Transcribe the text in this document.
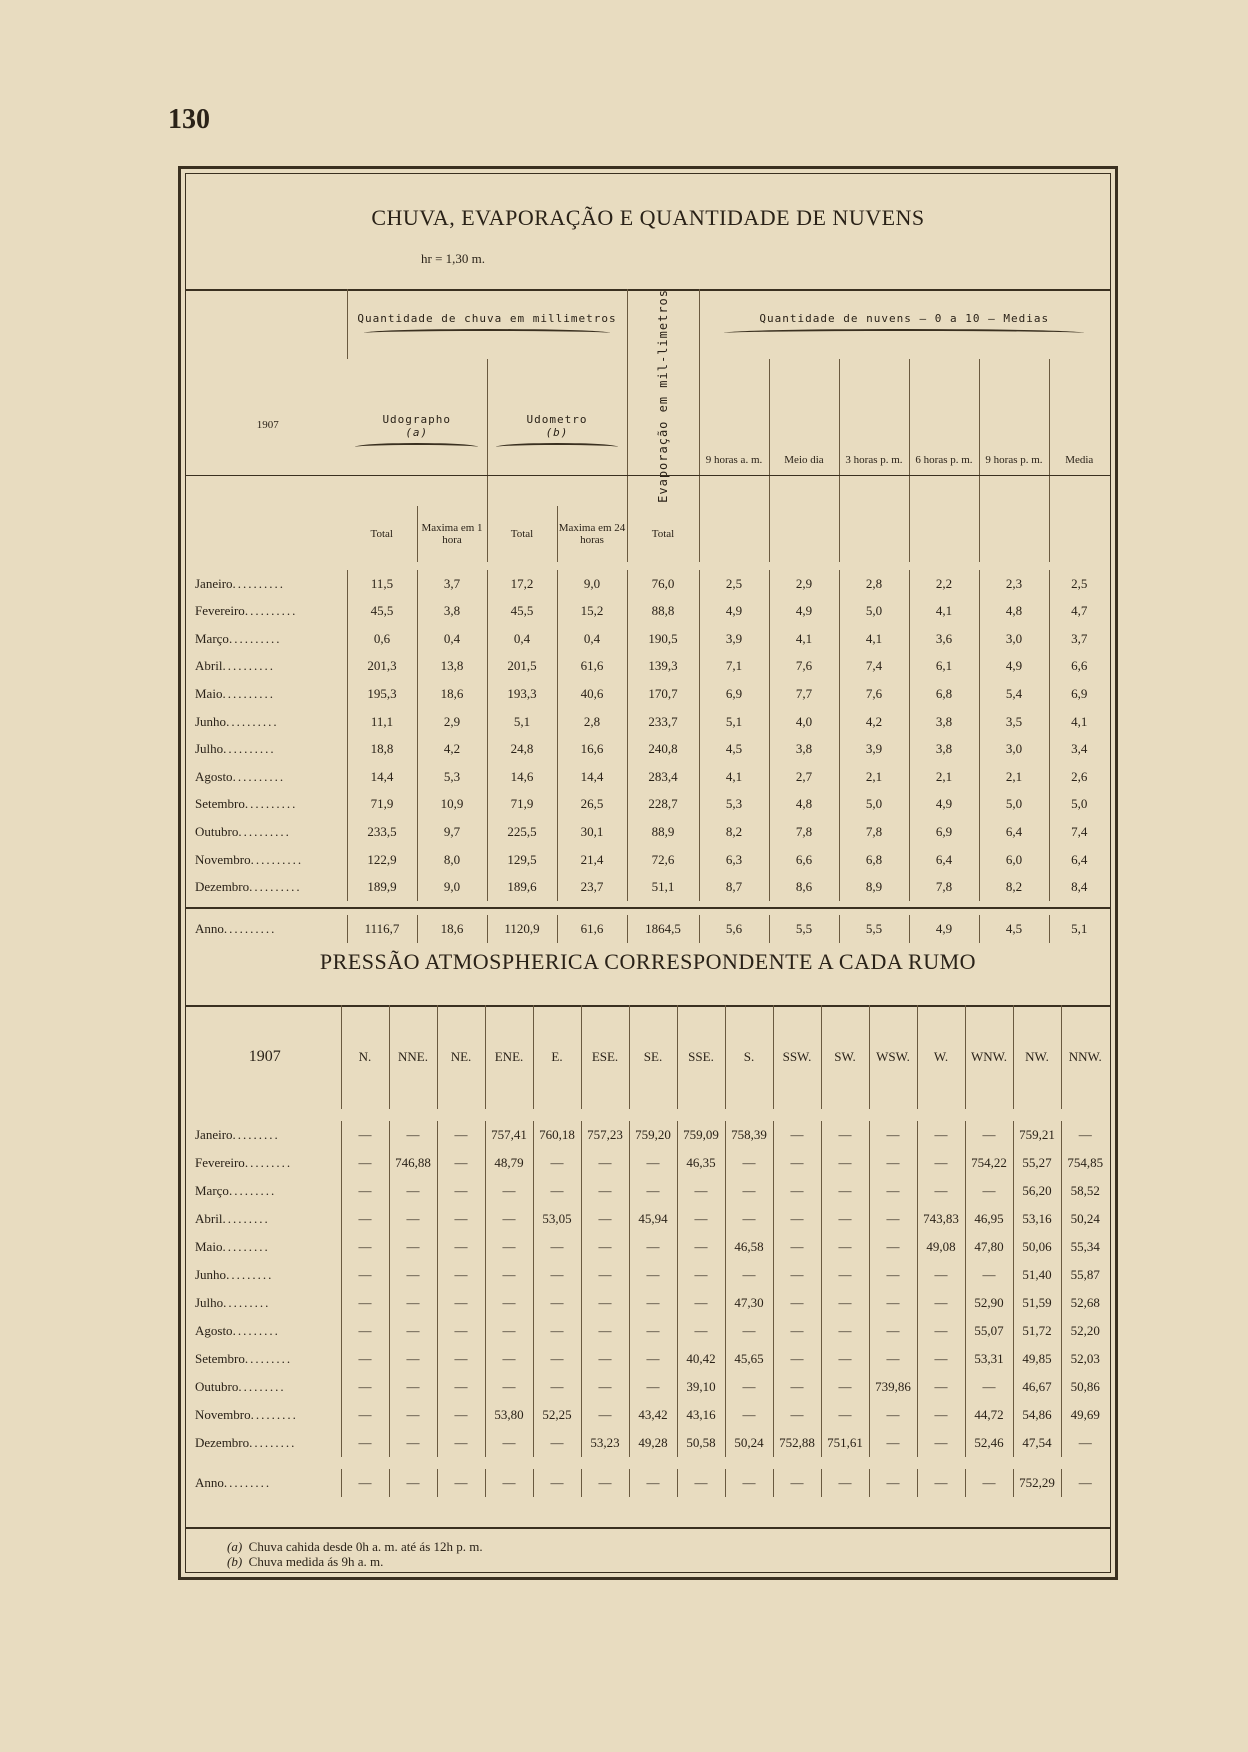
130
CHUVA, EVAPORAÇÃO E QUANTIDADE DE NUVENS
hr = 1,30 m.
1907	Quantidade de chuva em millimetros				Evaporação em mil-limetros	Quantidade de nuvens — 0 a 10 — Medias					

	Udographo
(a)		Udometro
(b)			9 horas a. m.	Meio dia	3 horas p. m.	6 horas p. m.	9 horas p. m.	Media
	Total	Maxima em 1 hora	Total	Maxima em 24 horas	Total						

Janeiro..........	11,5	3,7	17,2	9,0	76,0	2,5	2,9	2,8	2,2	2,3	2,5
Fevereiro..........	45,5	3,8	45,5	15,2	88,8	4,9	4,9	5,0	4,1	4,8	4,7
Março..........	0,6	0,4	0,4	0,4	190,5	3,9	4,1	4,1	3,6	3,0	3,7
Abril..........	201,3	13,8	201,5	61,6	139,3	7,1	7,6	7,4	6,1	4,9	6,6
Maio..........	195,3	18,6	193,3	40,6	170,7	6,9	7,7	7,6	6,8	5,4	6,9
Junho..........	11,1	2,9	5,1	2,8	233,7	5,1	4,0	4,2	3,8	3,5	4,1
Julho..........	18,8	4,2	24,8	16,6	240,8	4,5	3,8	3,9	3,8	3,0	3,4
Agosto..........	14,4	5,3	14,6	14,4	283,4	4,1	2,7	2,1	2,1	2,1	2,6
Setembro..........	71,9	10,9	71,9	26,5	228,7	5,3	4,8	5,0	4,9	5,0	5,0
Outubro..........	233,5	9,7	225,5	30,1	88,9	8,2	7,8	7,8	6,9	6,4	7,4
Novembro..........	122,9	8,0	129,5	21,4	72,6	6,3	6,6	6,8	6,4	6,0	6,4
Dezembro..........	189,9	9,0	189,6	23,7	51,1	8,7	8,6	8,9	7,8	8,2	8,4

Anno..........	1116,7	18,6	1120,9	61,6	1864,5	5,6	5,5	5,5	4,9	4,5	5,1
PRESSÃO ATMOSPHERICA CORRESPONDENTE A CADA RUMO
1907	N.	NNE.	NE.	ENE.	E.	ESE.	SE.	SSE.	S.	SSW.	SW.	WSW.	W.	WNW.	NW.	NNW.

Janeiro.........	—	—	—	757,41	760,18	757,23	759,20	759,09	758,39	—	—	—	—	—	759,21	—
Fevereiro.........	—	746,88	—	48,79	—	—	—	46,35	—	—	—	—	—	754,22	55,27	754,85
Março.........	—	—	—	—	—	—	—	—	—	—	—	—	—	—	56,20	58,52
Abril.........	—	—	—	—	53,05	—	45,94	—	—	—	—	—	743,83	46,95	53,16	50,24
Maio.........	—	—	—	—	—	—	—	—	46,58	—	—	—	49,08	47,80	50,06	55,34
Junho.........	—	—	—	—	—	—	—	—	—	—	—	—	—	—	51,40	55,87
Julho.........	—	—	—	—	—	—	—	—	47,30	—	—	—	—	52,90	51,59	52,68
Agosto.........	—	—	—	—	—	—	—	—	—	—	—	—	—	55,07	51,72	52,20
Setembro.........	—	—	—	—	—	—	—	40,42	45,65	—	—	—	—	53,31	49,85	52,03
Outubro.........	—	—	—	—	—	—	—	39,10	—	—	—	739,86	—	—	46,67	50,86
Novembro.........	—	—	—	53,80	52,25	—	43,42	43,16	—	—	—	—	—	44,72	54,86	49,69
Dezembro.........	—	—	—	—	—	53,23	49,28	50,58	50,24	752,88	751,61	—	—	52,46	47,54	—

Anno.........	—	—	—	—	—	—	—	—	—	—	—	—	—	—	752,29	—
(a) Chuva cahida desde 0h a. m. até ás 12h p. m.
(b) Chuva medida ás 9h a. m.
